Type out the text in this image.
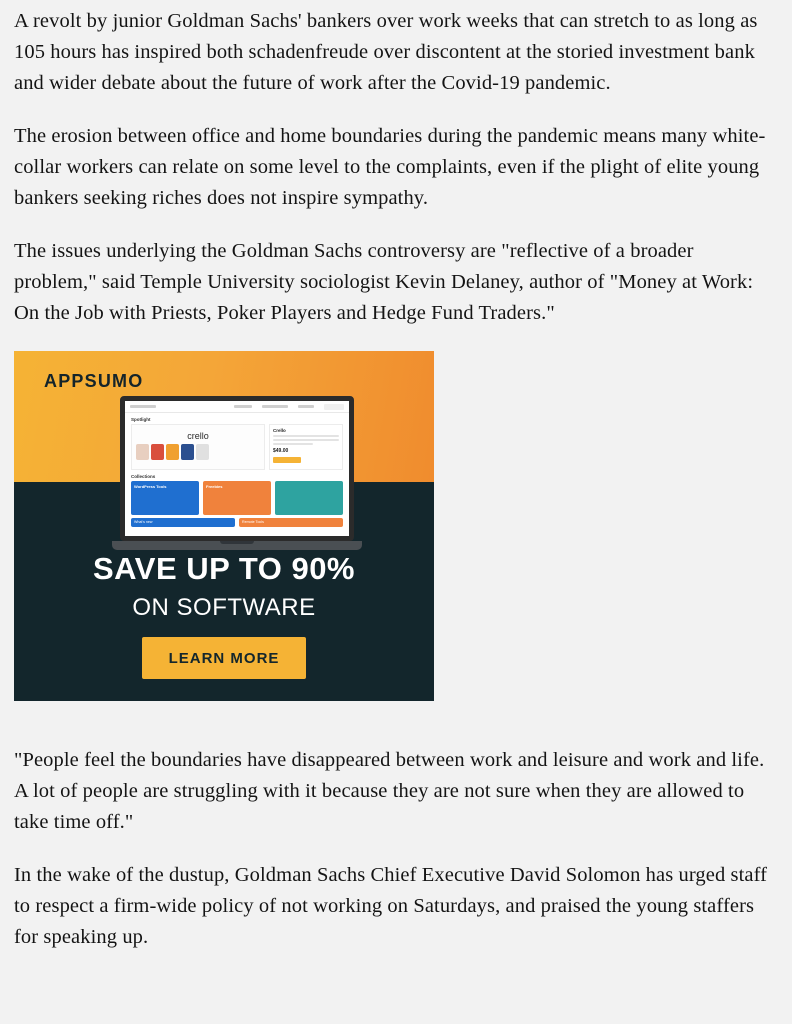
A revolt by junior Goldman Sachs' bankers over work weeks that can stretch to as long as 105 hours has inspired both schadenfreude over discontent at the storied investment bank and wider debate about the future of work after the Covid-19 pandemic.

The erosion between office and home boundaries during the pandemic means many white-collar workers can relate on some level to the complaints, even if the plight of elite young bankers seeking riches does not inspire sympathy.

The issues underlying the Goldman Sachs controversy are "reflective of a broader problem," said Temple University sociologist Kevin Delaney, author of "Money at Work: On the Job with Priests, Poker Players and Hedge Fund Traders."

APPSUMO
Spotlight
crello
Crello
$49.00
Collections
WordPress Tools	Freebies
What's new	Remote Tools
SAVE UP TO 90%
ON SOFTWARE
LEARN MORE

"People feel the boundaries have disappeared between work and leisure and work and life. A lot of people are struggling with it because they are not sure when they are allowed to take time off."

In the wake of the dustup, Goldman Sachs Chief Executive David Solomon has urged staff to respect a firm-wide policy of not working on Saturdays, and praised the young staffers for speaking up.
